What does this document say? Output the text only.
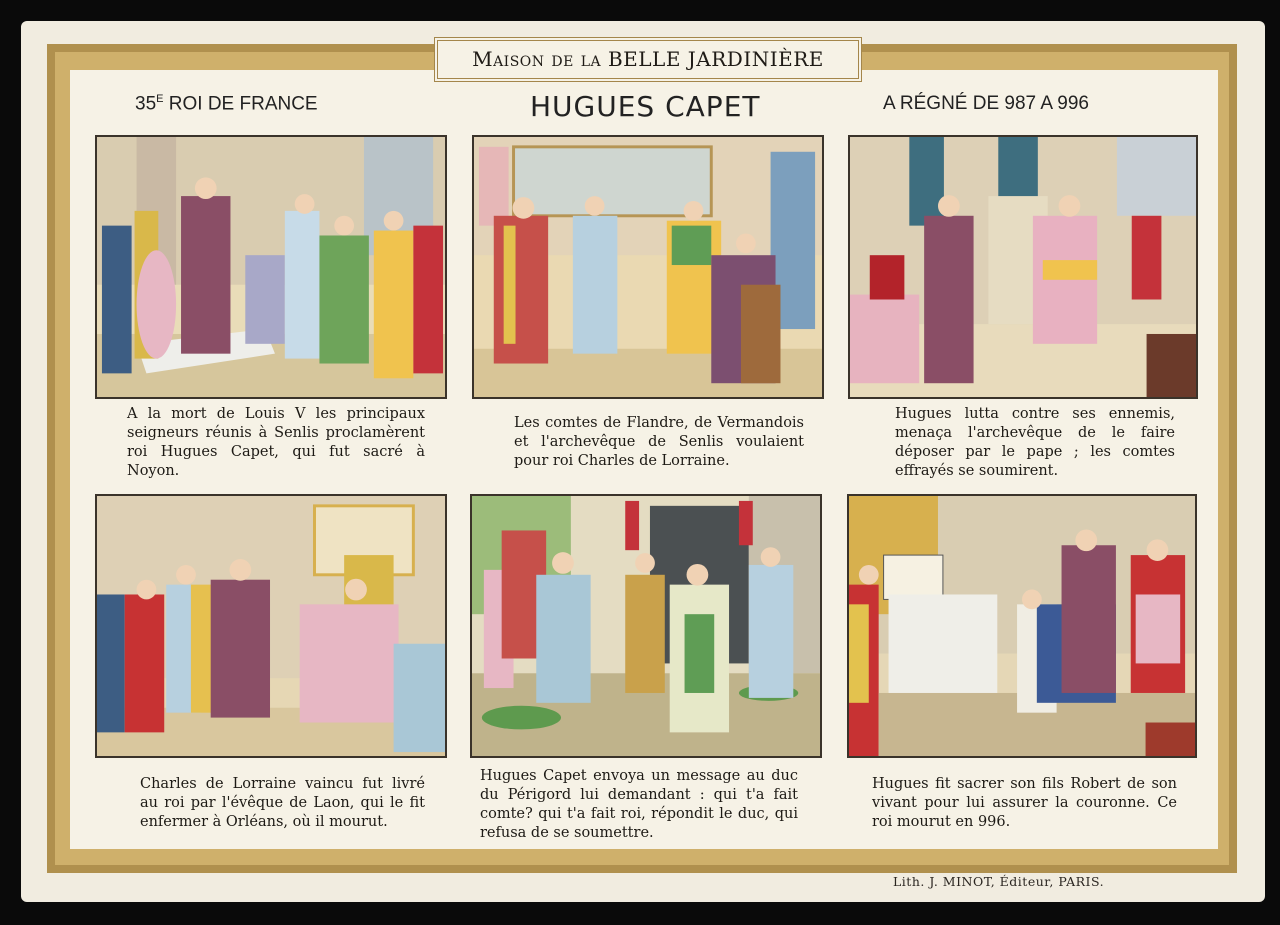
Maison de la BELLE JARDINIÈRE
$35^E$ ROI DE FRANCE	HUGUES CAPET	A RÉGNÉ DE 987 A 996
A la mort de Louis V les principaux seigneurs réunis à Senlis proclamèrent roi Hugues Capet, qui fut sacré à Noyon.
Les comtes de Flandre, de Vermandois et l'archevêque de Senlis voulaient pour roi Charles de Lorraine.
Hugues lutta contre ses ennemis, menaça l'archevêque de le faire déposer par le pape ; les comtes effrayés se soumirent.
Charles de Lorraine vaincu fut livré au roi par l'évêque de Laon, qui le fit enfermer à Orléans, où il mourut.
Hugues Capet envoya un message au duc du Périgord lui demandant : qui t'a fait comte? qui t'a fait roi, répondit le duc, qui refusa de se soumettre.
Hugues fit sacrer son fils Robert de son vivant pour lui assurer la couronne. Ce roi mourut en 996.
Lith. J. MINOT, Éditeur, PARIS.
